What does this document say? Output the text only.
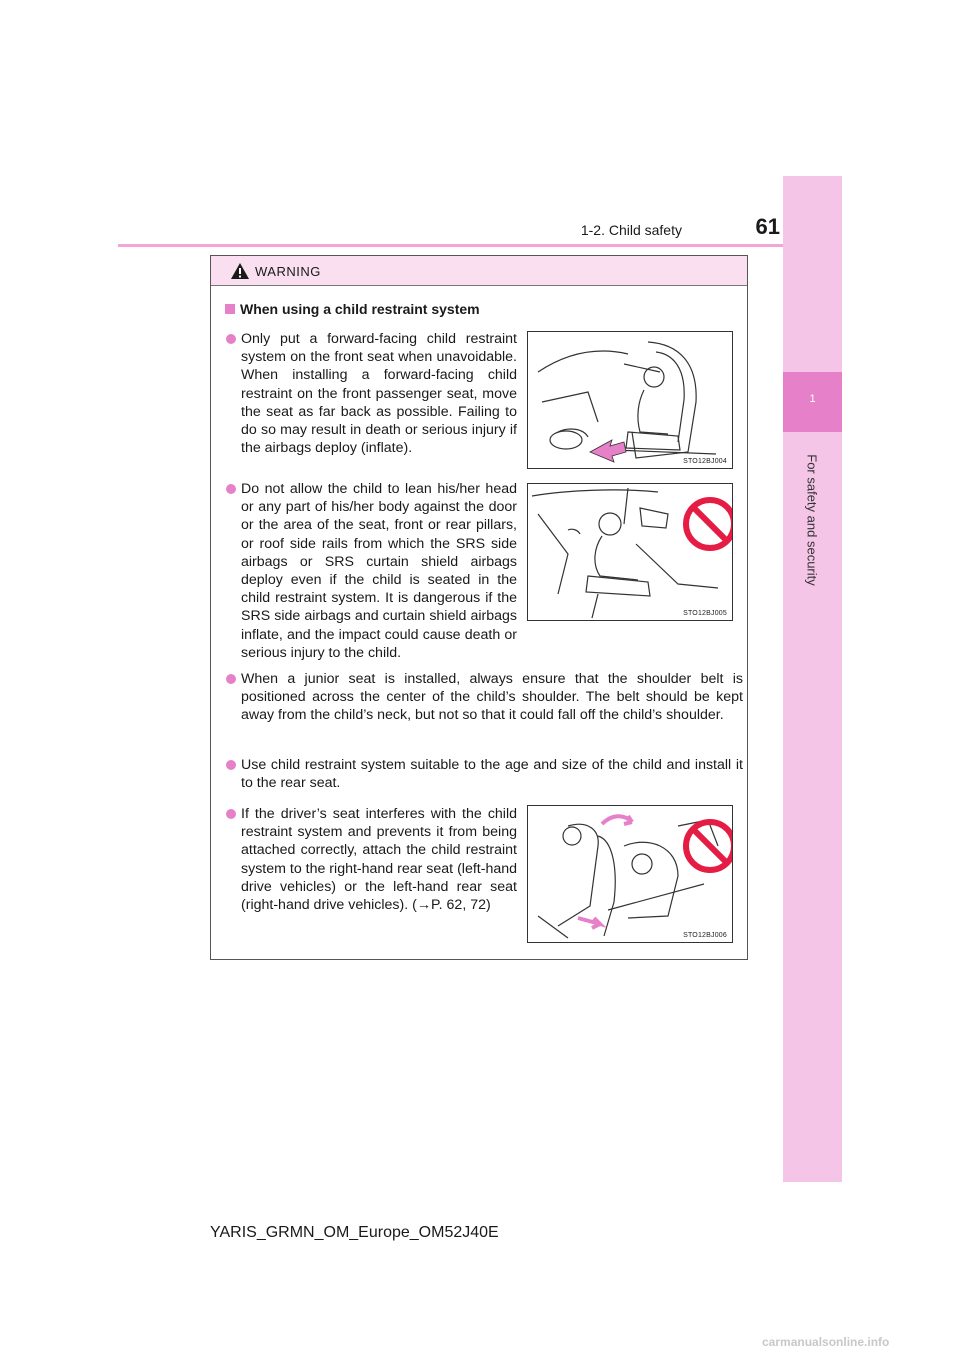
1-2. Child safety	61
1
For safety and security
WARNING
When using a child restraint system
Only put a forward-facing child restraint system on the front seat when unavoidable. When installing a forward-facing child restraint on the front passenger seat, move the seat as far back as possible. Failing to do so may result in death or serious injury if the airbags deploy (inflate).
STO12BJ004
Do not allow the child to lean his/her head or any part of his/her body against the door or the area of the seat, front or rear pillars, or roof side rails from which the SRS side airbags or SRS curtain shield airbags deploy even if the child is seated in the child restraint system. It is dangerous if the SRS side airbags and curtain shield airbags inflate, and the impact could cause death or serious injury to the child.
STO12BJ005
When a junior seat is installed, always ensure that the shoulder belt is positioned across the center of the child’s shoulder. The belt should be kept away from the child’s neck, but not so that it could fall off the child’s shoulder.
Use child restraint system suitable to the age and size of the child and install it to the rear seat.
If the driver’s seat interferes with the child restraint system and prevents it from being attached correctly, attach the child restraint system to the right-hand rear seat (left-hand drive vehicles) or the left-hand rear seat (right-hand drive vehicles). (→P. 62, 72)
STO12BJ006
YARIS_GRMN_OM_Europe_OM52J40E
carmanualsonline.info
